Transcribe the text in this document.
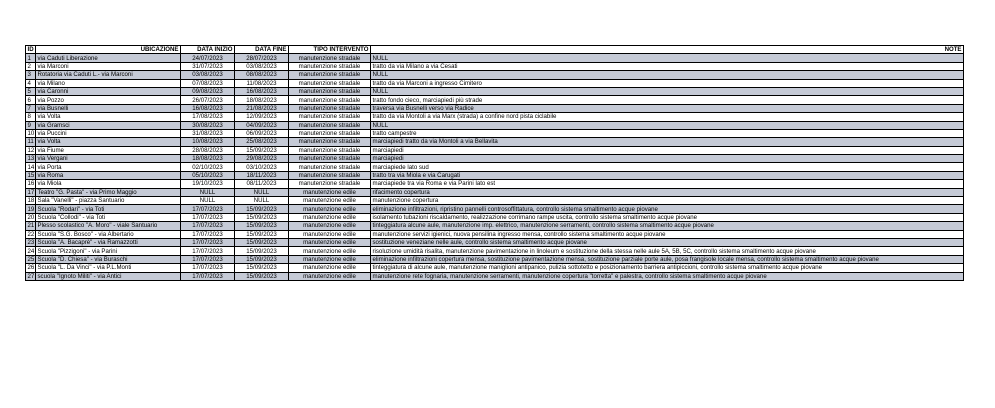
ID	UBICAZIONE	DATA INIZIO	DATA FINE	TIPO INTERVENTO	NOTE
1	via Caduti Liberazione	24/07/2023	28/07/2023	manutenzione stradale	NULL
2	via Marconi	31/07/2023	03/08/2023	manutenzione stradale	tratto da via Milano a via Cesati
3	Rotatoria via Caduti L.- via Marconi	03/08/2023	08/08/2023	manutenzione stradale	NULL
4	via Milano	07/08/2023	11/08/2023	manutenzione stradale	tratto da via Marconi a ingresso Cimitero
5	via Caronni	09/08/2023	16/08/2023	manutenzione stradale	NULL
6	via Pozzo	26/07/2023	18/08/2023	manutenzione stradale	tratto fondo cieco, marciapiedi più strade
7	via Busnelli	16/08/2023	21/08/2023	manutenzione stradale	traversa via Busnelli verso via Radice
8	via Volta	17/08/2023	12/09/2023	manutenzione stradale	tratto da via Montoli a via Marx (strada) a confine nord pista ciclabile
9	via Gramsci	30/08/2023	04/09/2023	manutenzione stradale	NULL
10	via Puccini	31/08/2023	06/09/2023	manutenzione stradale	tratto campestre
11	via Volta	10/08/2023	25/08/2023	manutenzione stradale	marciapiedi tratto da via Montoli a via Bellavita
12	via Fiume	28/08/2023	15/09/2023	manutenzione stradale	marciapiedi
13	via Vergani	18/08/2023	29/08/2023	manutenzione stradale	marciapiedi
14	via Porta	02/10/2023	03/10/2023	manutenzione stradale	marciapiede lato sud
15	via Roma	05/10/2023	18/11/2023	manutenzione stradale	tratto tra via Miola e via Carugati
16	via Miola	19/10/2023	08/11/2023	manutenzione stradale	marciapiede tra via Roma e via Parini lato est
17	Teatro "G. Pasta" - via Primo Maggio	NULL	NULL	manutenzione edile	rifacimento copertura
18	Sala "Vanelli" - piazza Santuario	NULL	NULL	manutenzione edile	manutenzione copertura
19	Scuola "Rodari" - via Toti	17/07/2023	15/09/2023	manutenzione edile	eliminazione infiltrazioni, ripristino pannelli controsoffittatura, controllo sistema smaltimento acque piovane
20	Scuola "Collodi" - via Toti	17/07/2023	15/09/2023	manutenzione edile	isolamento tubazioni riscaldamento, realizzazione corrimano rampe uscita, controllo sistema smaltimento acque piovane
21	Plesso scolastico "A. Moro" - viale Santuario	17/07/2023	15/09/2023	manutenzione edile	tinteggiatura alcune aule, manutenzione imp. elettrico, manutenzione serramenti, controllo sistema smaltimento acque piovane
22	Scuola "S.G. Bosco" - via Albertario	17/07/2023	15/09/2023	manutenzione edile	manutenzione servizi igienici, nuova pensilina ingresso mensa, controllo sistema smaltimento acque piovane
23	Scuola "A. Bacaprè" - via Ramazzotti	17/07/2023	15/09/2023	manutenzione edile	sostituzione veneziane nelle aule, controllo sistema smaltimento acque piovane
24	Scuola "Pizzigoni" - via Parini	17/07/2023	15/09/2023	manutenzione edile	risoluzione umidità risalita, manutenzione pavimentazione in linoleum e sostituzione della stessa nelle aule 5A, 5B, 5C, controllo sistema smaltimento acque piovane
25	Scuola "D. Chiesa" - via Buraschi	17/07/2023	15/09/2023	manutenzione edile	eliminazione infiltrazioni copertura mensa, sostituzione pavimentazione mensa, sostituzione parziale porte aule, posa frangisole locale mensa, controllo sistema smaltimento acque piovane
26	Scuola "L. Da Vinci" - via P.L.Monti	17/07/2023	15/09/2023	manutenzione edile	tinteggiatura di alcune aule, manutenzione maniglioni antipanico, pulizia sottotetto e posizionamento barriera antipiccioni, controllo sistema smaltimento acque piovane
27	scuola "Ignoto Militi" - via Antici	17/07/2023	15/09/2023	manutenzione edile	manutenzione rete fognaria, manutenzione serramenti, manutenzione copertura "torretta" e palestra, controllo sistema smaltimento acque piovane
